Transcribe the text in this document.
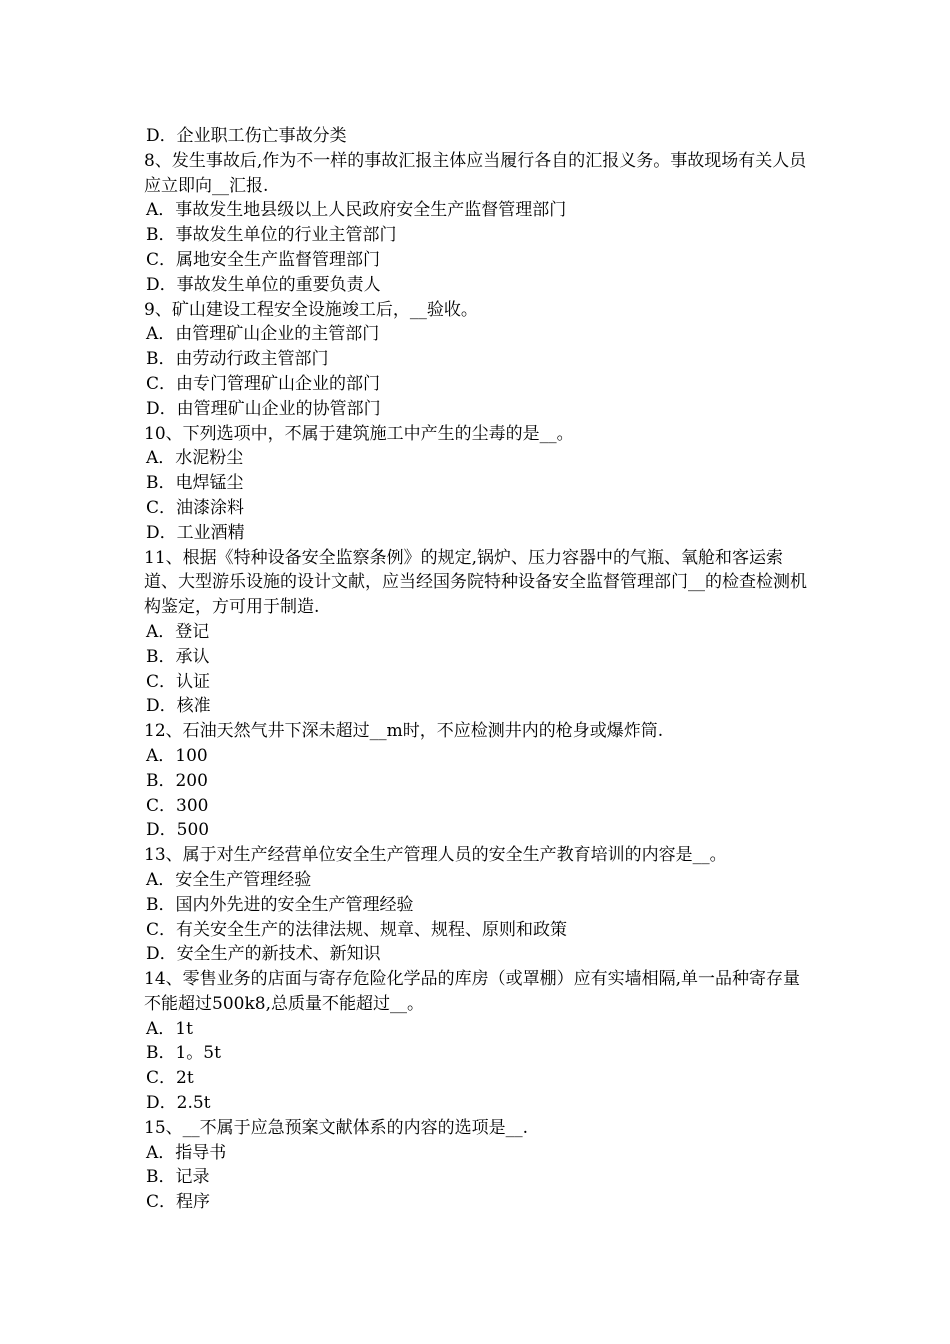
D．企业职工伤亡事故分类

8、发生事故后,作为不一样的事故汇报主体应当履行各自的汇报义务。事故现场有关人员应立即向__汇报.

A．事故发生地县级以上人民政府安全生产监督管理部门

B．事故发生单位的行业主管部门

C．属地安全生产监督管理部门

D．事故发生单位的重要负责人

9、矿山建设工程安全设施竣工后，__验收。

A．由管理矿山企业的主管部门

B．由劳动行政主管部门

C．由专门管理矿山企业的部门

D．由管理矿山企业的协管部门

10、下列选项中，不属于建筑施工中产生的尘毒的是__。

A．水泥粉尘

B．电焊锰尘

C．油漆涂料

D．工业酒精

11、根据《特种设备安全监察条例》的规定,锅炉、压力容器中的气瓶、氧舱和客运索道、大型游乐设施的设计文献，应当经国务院特种设备安全监督管理部门__的检查检测机构鉴定，方可用于制造.

A．登记

B．承认

C．认证

D．核准

12、石油天然气井下深未超过__m时，不应检测井内的枪身或爆炸筒.

A．100

B．200

C．300

D．500

13、属于对生产经营单位安全生产管理人员的安全生产教育培训的内容是__。

A．安全生产管理经验

B．国内外先进的安全生产管理经验

C．有关安全生产的法律法规、规章、规程、原则和政策

D．安全生产的新技术、新知识

14、零售业务的店面与寄存危险化学品的库房（或罩棚）应有实墙相隔,单一品种寄存量不能超过500k8,总质量不能超过__。

A．1t

B．1。5t

C．2t

D．2.5t

15、__不属于应急预案文献体系的内容的选项是__.

A．指导书

B．记录

C．程序
